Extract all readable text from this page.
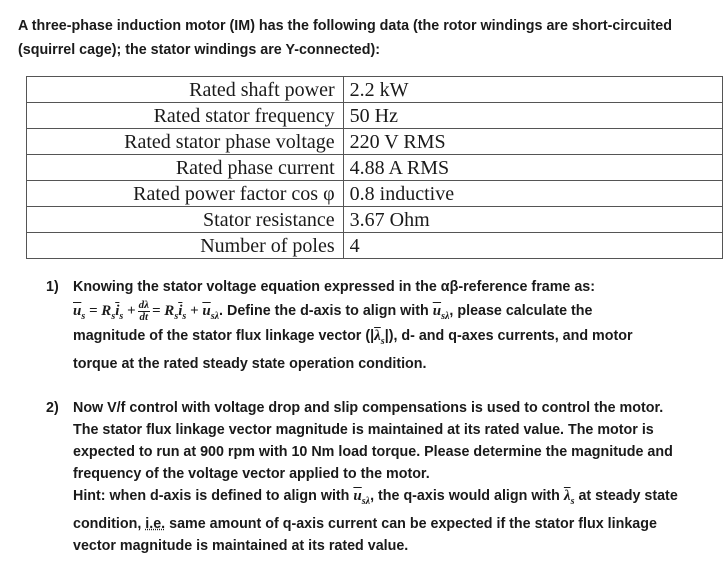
A three-phase induction motor (IM) has the following data (the rotor windings are short-circuited (squirrel cage); the stator windings are Y-connected):
Rated shaft power	2.2 kW
Rated stator frequency	50 Hz
Rated stator phase voltage	220 V RMS
Rated phase current	4.88 A RMS
Rated power factor cos φ	0.8 inductive
Stator resistance	3.67 Ohm
Number of poles	4
1) Knowing the stator voltage equation expressed in the αβ-reference frame as:
$\overline{u}_s = R_s\overline{i}_s + \frac{d\lambda}{dt} = R_s\overline{i}_s + \overline{u}_{s\lambda}$. Define the d-axis to align with $\overline{u}_{s\lambda}$, please calculate the
magnitude of the stator flux linkage vector $(|\overline{\lambda}_s|)$, d- and q-axes currents, and motor
torque at the rated steady state operation condition.
2) Now V/f control with voltage drop and slip compensations is used to control the motor.
The stator flux linkage vector magnitude is maintained at its rated value. The motor is
expected to run at 900 rpm with 10 Nm load torque. Please determine the magnitude and
frequency of the voltage vector applied to the motor.
Hint: when d-axis is defined to align with $\overline{u}_{s\lambda}$, the q-axis would align with $\overline{\lambda}_s$ at steady state
condition, i.e. same amount of q-axis current can be expected if the stator flux linkage
vector magnitude is maintained at its rated value.
